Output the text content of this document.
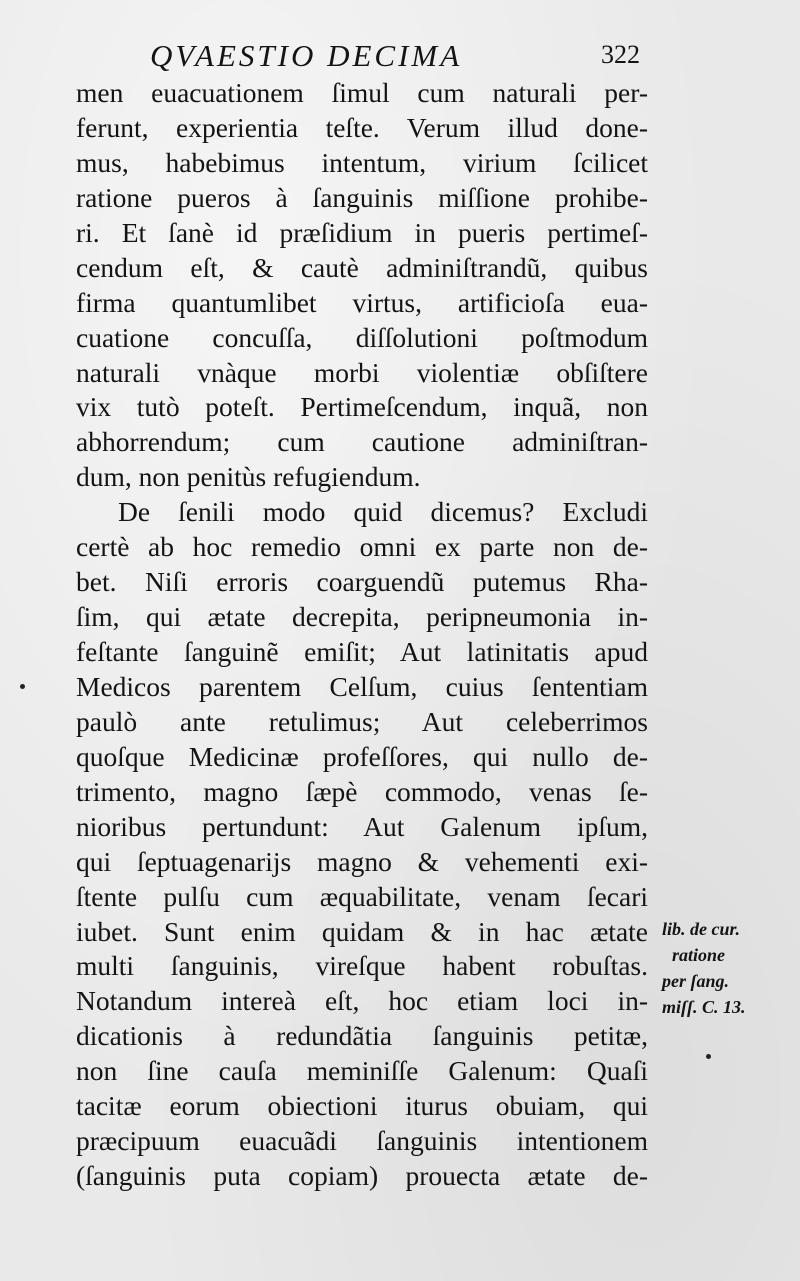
QVAESTIO DECIMA	322
men euacuationem ſimul cum naturali per-
ferunt, experientia teſte. Verum illud done-
mus, habebimus intentum, virium ſcilicet
ratione pueros à ſanguinis miſſione prohibe-
ri. Et ſanè id præſidium in pueris pertimeſ-
cendum eſt, & cautè adminiſtrandũ, quibus
firma quantumlibet virtus, artificioſa eua-
cuatione concuſſa, diſſolutioni poſtmodum
naturali vnàque morbi violentiæ obſiſtere
vix tutò poteſt. Pertimeſcendum, inquã, non
abhorrendum; cum cautione adminiſtran-
dum, non penitùs refugiendum.
De ſenili modo quid dicemus? Excludi
certè ab hoc remedio omni ex parte non de-
bet. Niſi erroris coarguendũ putemus Rha-
ſim, qui ætate decrepita, peripneumonia in-
feſtante ſanguinẽ emiſit; Aut latinitatis apud
Medicos parentem Celſum, cuius ſententiam
paulò ante retulimus; Aut celeberrimos
quoſque Medicinæ profeſſores, qui nullo de-
trimento, magno ſæpè commodo, venas ſe-
nioribus pertundunt: Aut Galenum ipſum,
qui ſeptuagenarijs magno & vehementi exi-
ſtente pulſu cum æquabilitate, venam ſecari
iubet. Sunt enim quidam & in hac ætate
multi ſanguinis, vireſque habent robuſtas.
Notandum intereà eſt, hoc etiam loci in-
dicationis à redundãtia ſanguinis petitæ,
non ſine cauſa meminiſſe Galenum: Quaſi
tacitæ eorum obiectioni iturus obuiam, qui
præcipuum euacuãdi ſanguinis intentionem
(ſanguinis puta copiam) prouecta ætate de-
lib. de cur.
ratione
per ſang.
miſſ. C. 13.
